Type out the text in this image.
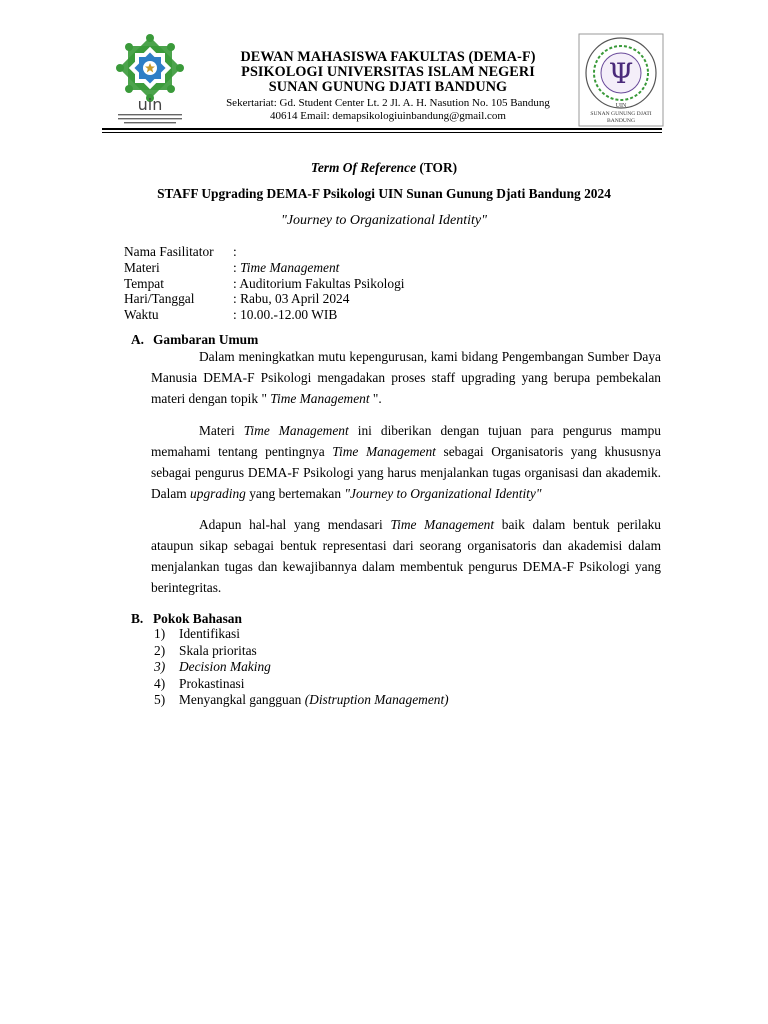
uin
DEWAN MAHASISWA FAKULTAS (DEMA-F)
PSIKOLOGI UNIVERSITAS ISLAM NEGERI
SUNAN GUNUNG DJATI BANDUNG
Sekertariat: Gd. Student Center Lt. 2 Jl. A. H. Nasution No. 105 Bandung
40614 Email: demapsikologiuinbandung@gmail.com
Ψ
UIN
SUNAN GUNUNG DJATI
BANDUNG
Term Of Reference (TOR)
STAFF Upgrading DEMA-F Psikologi UIN Sunan Gunung Djati Bandung 2024
"Journey to Organizational Identity"
Nama Fasilitator	:
Materi	: Time Management
Tempat	: Auditorium Fakultas Psikologi
Hari/Tanggal	: Rabu, 03 April 2024
Waktu	: 10.00.-12.00 WIB
A. Gambaran Umum
Dalam meningkatkan mutu kepengurusan, kami bidang Pengembangan Sumber Daya Manusia DEMA-F Psikologi mengadakan proses staff upgrading yang berupa pembekalan materi dengan topik " Time Management ".
Materi Time Management ini diberikan dengan tujuan para pengurus mampu memahami tentang pentingnya Time Management sebagai Organisatoris yang khususnya sebagai pengurus DEMA-F Psikologi yang harus menjalankan tugas organisasi dan akademik. Dalam upgrading yang bertemakan "Journey to Organizational Identity"
Adapun hal-hal yang mendasari Time Management baik dalam bentuk perilaku ataupun sikap sebagai bentuk representasi dari seorang organisatoris dan akademisi dalam menjalankan tugas dan kewajibannya dalam membentuk pengurus DEMA-F Psikologi yang berintegritas.
B. Pokok Bahasan
1)	Identifikasi
2)	Skala prioritas
3)	Decision Making
4)	Prokastinasi
5)	Menyangkal gangguan (Distruption Management)
